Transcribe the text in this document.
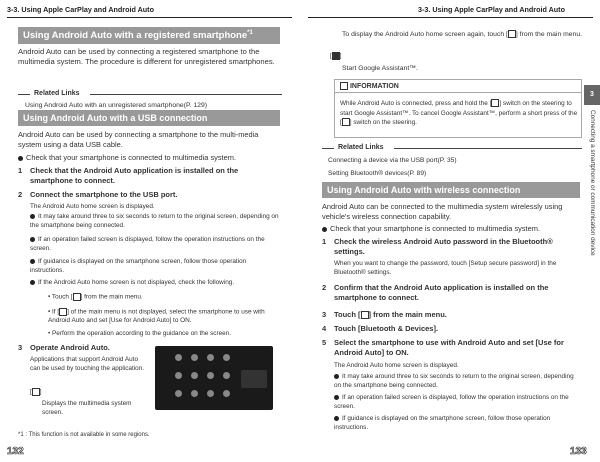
3-3. Using Apple CarPlay and Android Auto
Using Android Auto with a registered smartphone$^{*1}$
Android Auto can be used by connecting a registered smartphone to the multimedia system. The procedure is different for unregistered smartphones.
Related Links
Using Android Auto with an unregistered smartphone(P. 129)
Using Android Auto with a USB connection
Android Auto can be used by connecting a smartphone to the multi-media system using a data USB cable.
Check that your smartphone is connected to multimedia system.
1 Check that the Android Auto application is installed on the smartphone to connect.
2 Connect the smartphone to the USB port.
The Android Auto home screen is displayed.
It may take around three to six seconds to return to the original screen, depending on the smartphone being connected.
If an operation failed screen is displayed, follow the operation instructions on the screen.
If guidance is displayed on the smartphone screen, follow those operation instructions.
If the Android Auto home screen is not displayed, check the following.
• Touch [ ] from the main menu.
• If [ ] of the main menu is not displayed, select the smartphone to use with Android Auto and set [Use for Android Auto] to ON.
• Perform the operation according to the guidance on the screen.
3 Operate Android Auto.
Applications that support Android Auto can be used by touching the application.
[ ]
Displays the multimedia system screen.
*1 : This function is not available in some regions.
132
3-3. Using Apple CarPlay and Android Auto
To display the Android Auto home screen again, touch [ ] from the main menu.
]
Start Google Assistant™.
INFORMATION
While Android Auto is connected, press and hold the [ ] switch on the steering to start Google Assistant™. To cancel Google Assistant™, perform a short press of the [ ] switch on the steering.
Related Links
Connecting a device via the USB port(P. 35)
Setting Bluetooth® devices(P. 89)
Using Android Auto with wireless connection
Android Auto can be connected to the multimedia system wirelessly using vehicle's wireless connection capability.
Check that your smartphone is connected to multimedia system.
1 Check the wireless Android Auto password in the Bluetooth® settings.
When you want to change the password, touch [Setup secure password] in the Bluetooth® settings.
2 Confirm that the Android Auto application is installed on the smartphone to connect.
3 Touch [ ] from the main menu.
4 Touch [Bluetooth & Devices].
5 Select the smartphone to use with Android Auto and set [Use for Android Auto] to ON.
The Android Auto home screen is displayed.
It may take around three to six seconds to return to the original screen, depending on the smartphone being connected.
If an operation failed screen is displayed, follow the operation instructions on the screen.
If guidance is displayed on the smartphone screen, follow those operation instructions.
133
3
Connecting a smartphone or communication device
